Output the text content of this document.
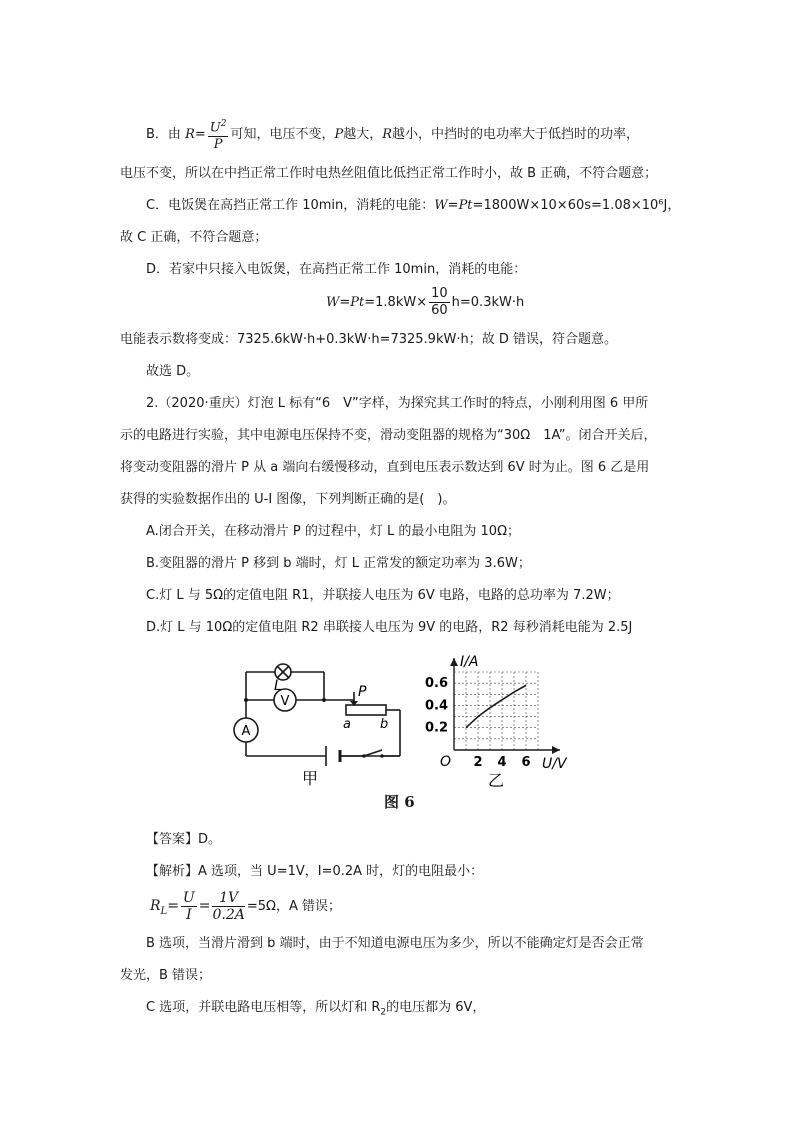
B．由 $R= \frac{U^2}{P}$ 可知，电压不变，P越大，R越小，中挡时的电功率大于低挡时的功率，
电压不变，所以在中挡正常工作时电热丝阻值比低挡正常工作时小，故 B 正确，不符合题意；
C．电饭煲在高挡正常工作 10min，消耗的电能：W=Pt=1800W×10×60s=1.08×10⁶J，
故 C 正确，不符合题意；
D．若家中只接入电饭煲，在高挡正常工作 10min，消耗的电能：
$W=Pt=1.8kW\times \frac{10}{60} h=0.3kW\cdot h$
电能表示数将变成：7325.6kW·h+0.3kW·h=7325.9kW·h；故 D 错误，符合题意。
故选 D。
2.（2020·重庆）灯泡 L 标有“6　V”字样，为探究其工作时的特点，小刚利用图 6 甲所
示的电路进行实验，其中电源电压保持不变，滑动变阻器的规格为“30Ω　1A”。闭合开关后，
将变动变阻器的滑片 P 从 a 端向右缓慢移动，直到电压表示数达到 6V 时为止。图 6 乙是用
获得的实验数据作出的 U-I 图像，下列判断正确的是(　)。
A.闭合开关，在移动滑片 P 的过程中，灯 L 的最小电阻为 10Ω；
B.变阻器的滑片 P 移到 b 端时，灯 L 正常发的额定功率为 3.6W；
C.灯 L 与 5Ω的定值电阻 R1，并联接人电压为 6V 电路，电路的总功率为 7.2W；
D.灯 L 与 10Ω的定值电阻 R2 串联接人电压为 9V 的电路，R2 每秒消耗电能为 2.5J
V
A
L	P
a b
甲
I/A
U/V
O 2 4 6
0.2
0.4
0.6
乙
图 6
【答案】D。
【解析】A 选项，当 U=1V，I=0.2A 时，灯的电阻最小：
$R_L= \frac{U}{I} = \frac{1V}{0.2A} =5\Omega$，A 错误；
B 选项，当滑片滑到 b 端时，由于不知道电源电压为多少，所以不能确定灯是否会正常
发光，B 错误；
C 选项，并联电路电压相等，所以灯和 $R_2$的电压都为 6V，
